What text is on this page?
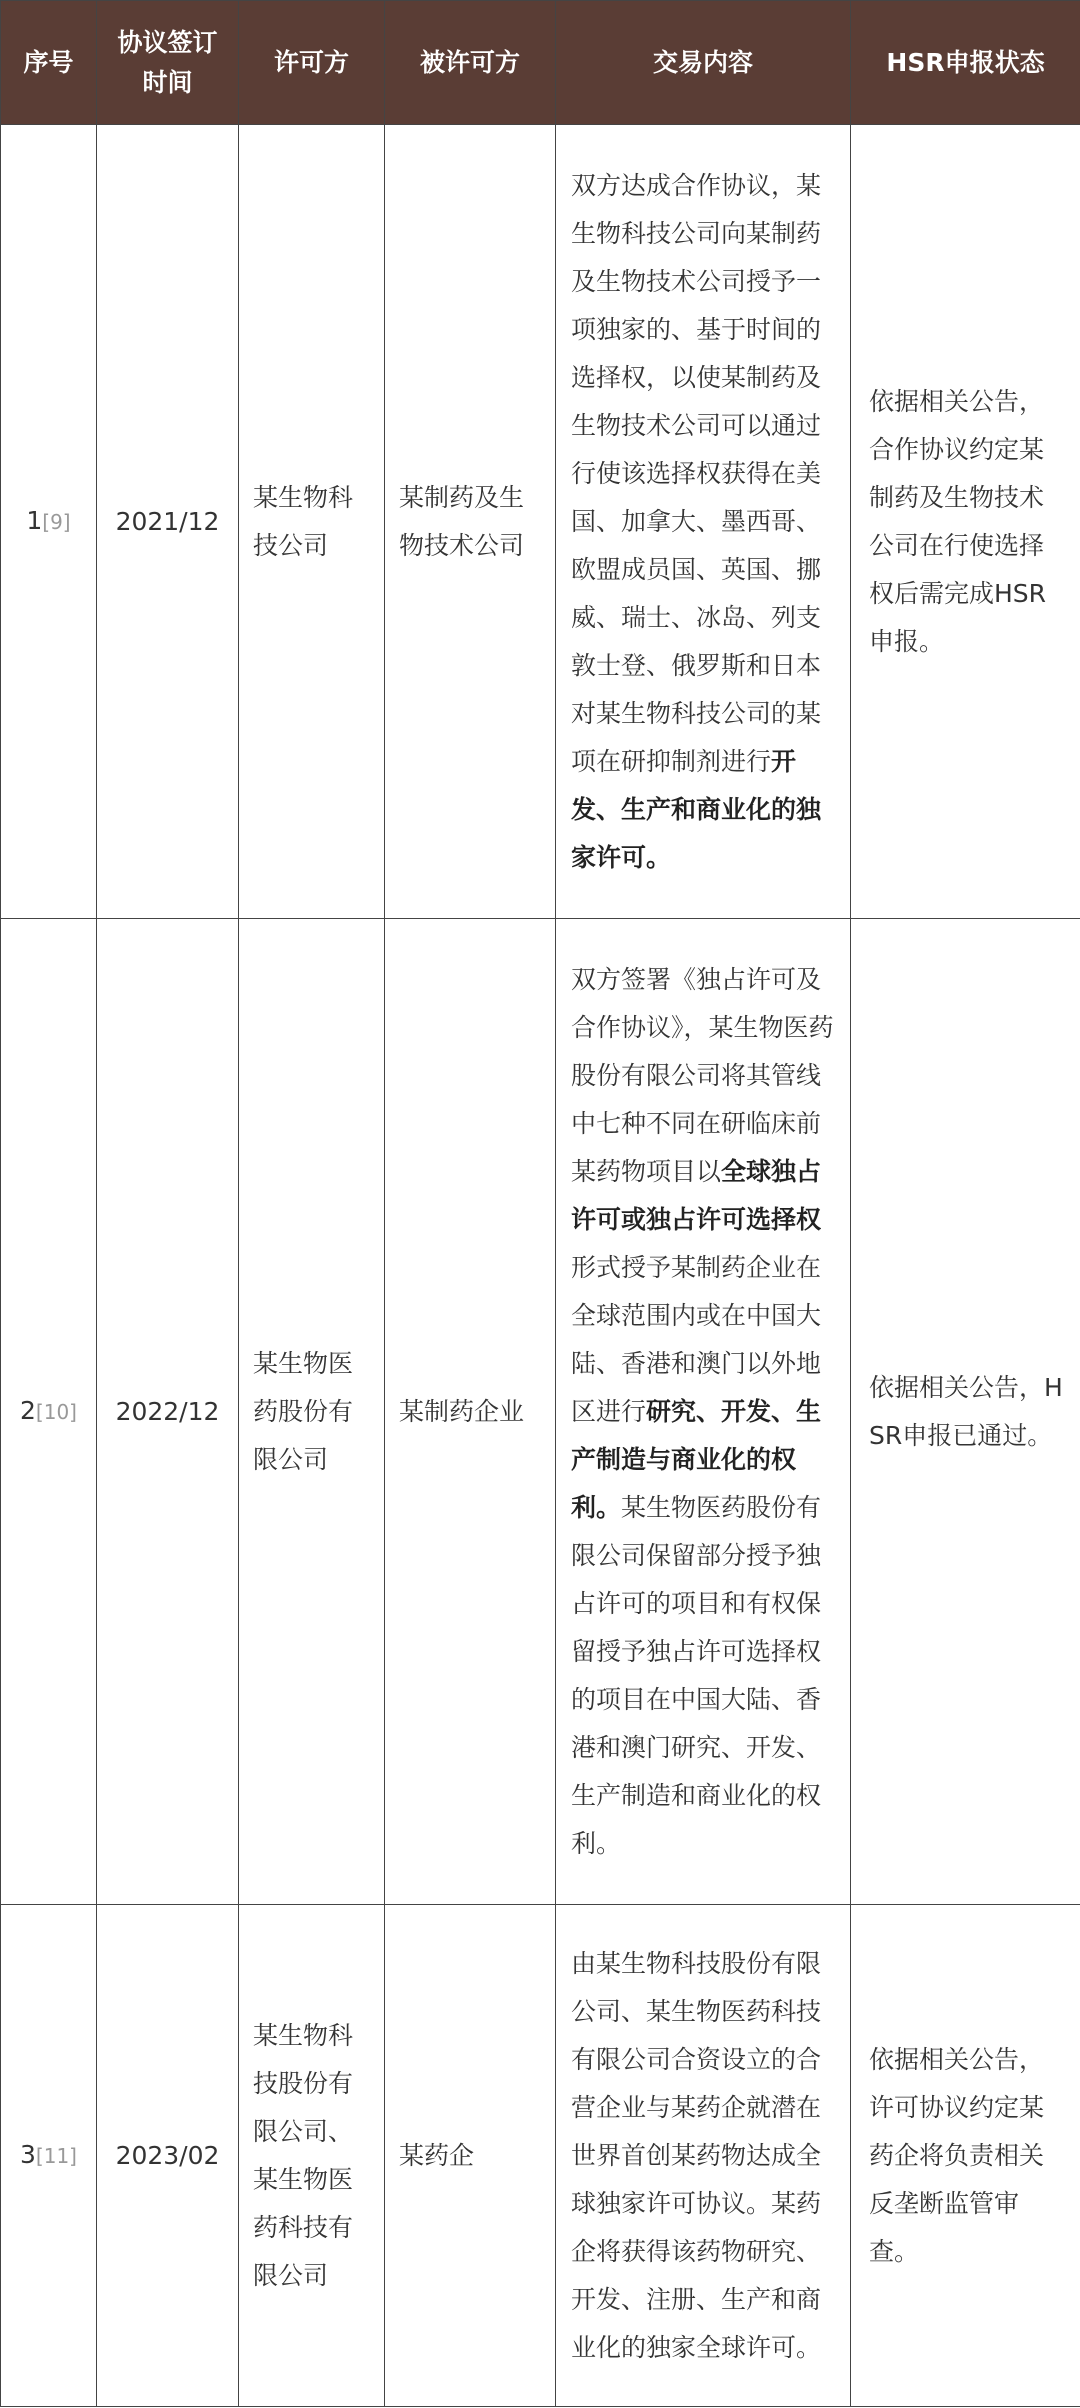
序号	协议签订时间	许可方	被许可方	交易内容	HSR申报状态
1[9]	2021/12	某生物科技公司	某制药及生物技术公司	双方达成合作协议，某生物科技公司向某制药及生物技术公司授予一项独家的、基于时间的选择权，以使某制药及生物技术公司可以通过行使该选择权获得在美国、加拿大、墨西哥、欧盟成员国、英国、挪威、瑞士、冰岛、列支敦士登、俄罗斯和日本对某生物科技公司的某项在研抑制剂进行开发、生产和商业化的独家许可。	依据相关公告，合作协议约定某制药及生物技术公司在行使选择权后需完成HSR申报。
2[10]	2022/12	某生物医药股份有限公司	某制药企业	双方签署《独占许可及合作协议》，某生物医药股份有限公司将其管线中七种不同在研临床前某药物项目以全球独占许可或独占许可选择权形式授予某制药企业在全球范围内或在中国大陆、香港和澳门以外地区进行研究、开发、生产制造与商业化的权利。某生物医药股份有限公司保留部分授予独占许可的项目和有权保留授予独占许可选择权的项目在中国大陆、香港和澳门研究、开发、 生产制造和商业化的权利。	依据相关公告，HSR申报已通过。
3[11]	2023/02	某生物科技股份有限公司、某生物医药科技有限公司	某药企	由某生物科技股份有限公司、某生物医药科技有限公司合资设立的合营企业与某药企就潜在世界首创某药物达成全球独家许可协议。某药企将获得该药物研究、开发、注册、生产和商业化的独家全球许可。	依据相关公告，许可协议约定某药企将负责相关反垄断监管审查。
